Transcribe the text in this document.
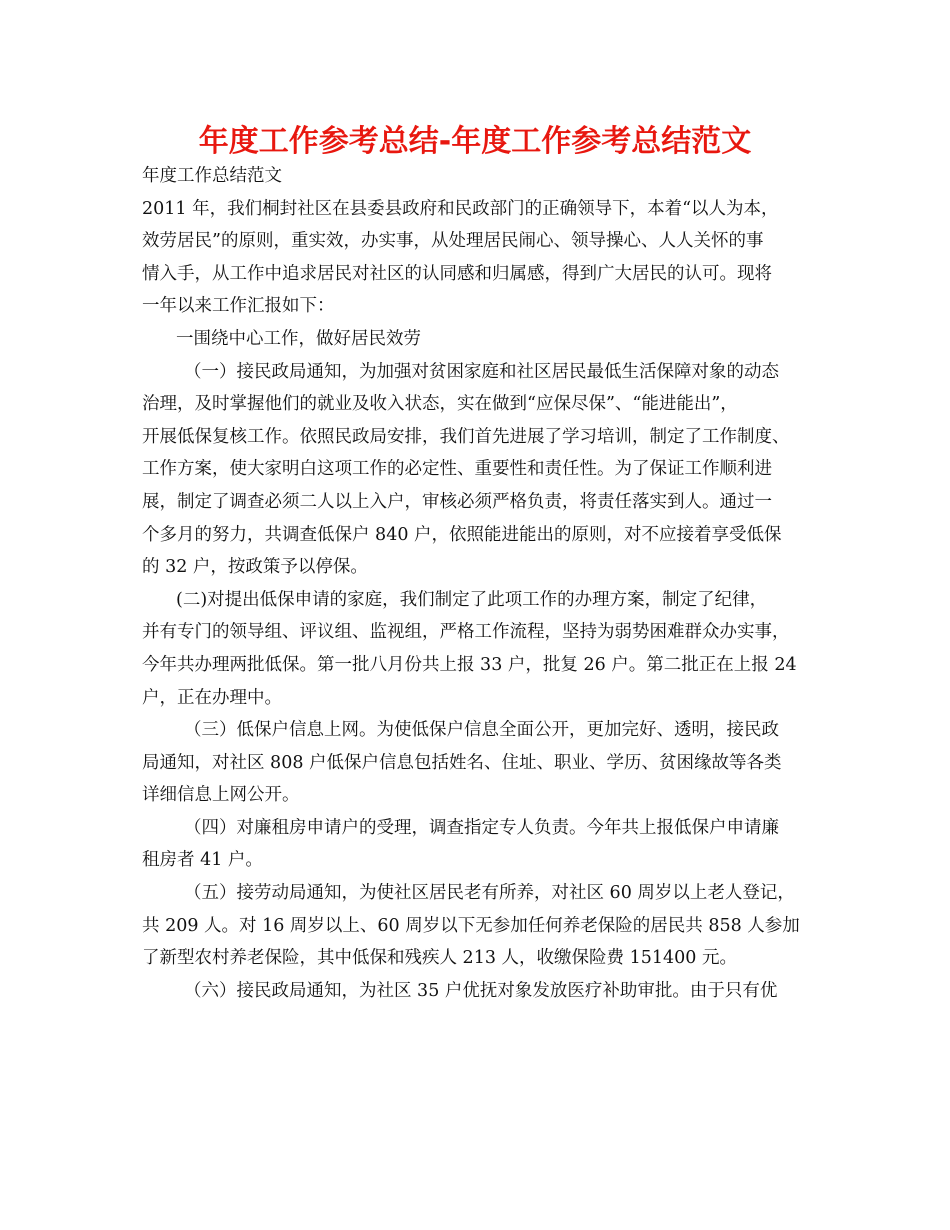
年度工作参考总结-年度工作参考总结范文
年度工作总结范文
2011 年，我们桐封社区在县委县政府和民政部门的正确领导下，本着“以人为本，
效劳居民”的原则，重实效，办实事，从处理居民闹心、领导操心、人人关怀的事
情入手，从工作中追求居民对社区的认同感和归属感，得到广大居民的认可。现将
一年以来工作汇报如下：
一围绕中心工作，做好居民效劳
（一）接民政局通知，为加强对贫困家庭和社区居民最低生活保障对象的动态
治理，及时掌握他们的就业及收入状态，实在做到“应保尽保”、“能进能出”，
开展低保复核工作。依照民政局安排，我们首先进展了学习培训，制定了工作制度、
工作方案，使大家明白这项工作的必定性、重要性和责任性。为了保证工作顺利进
展，制定了调查必须二人以上入户，审核必须严格负责，将责任落实到人。通过一
个多月的努力，共调查低保户 840 户，依照能进能出的原则，对不应接着享受低保
的 32 户，按政策予以停保。
(二)对提出低保申请的家庭，我们制定了此项工作的办理方案，制定了纪律，
并有专门的领导组、评议组、监视组，严格工作流程，坚持为弱势困难群众办实事，
今年共办理两批低保。第一批八月份共上报 33 户，批复 26 户。第二批正在上报 24
户，正在办理中。
（三）低保户信息上网。为使低保户信息全面公开，更加完好、透明，接民政
局通知，对社区 808 户低保户信息包括姓名、住址、职业、学历、贫困缘故等各类
详细信息上网公开。
（四）对廉租房申请户的受理，调查指定专人负责。今年共上报低保户申请廉
租房者 41 户。
（五）接劳动局通知，为使社区居民老有所养，对社区 60 周岁以上老人登记，
共 209 人。对 16 周岁以上、60 周岁以下无参加任何养老保险的居民共 858 人参加
了新型农村养老保险，其中低保和残疾人 213 人，收缴保险费 151400 元。
（六）接民政局通知，为社区 35 户优抚对象发放医疗补助审批。由于只有优
